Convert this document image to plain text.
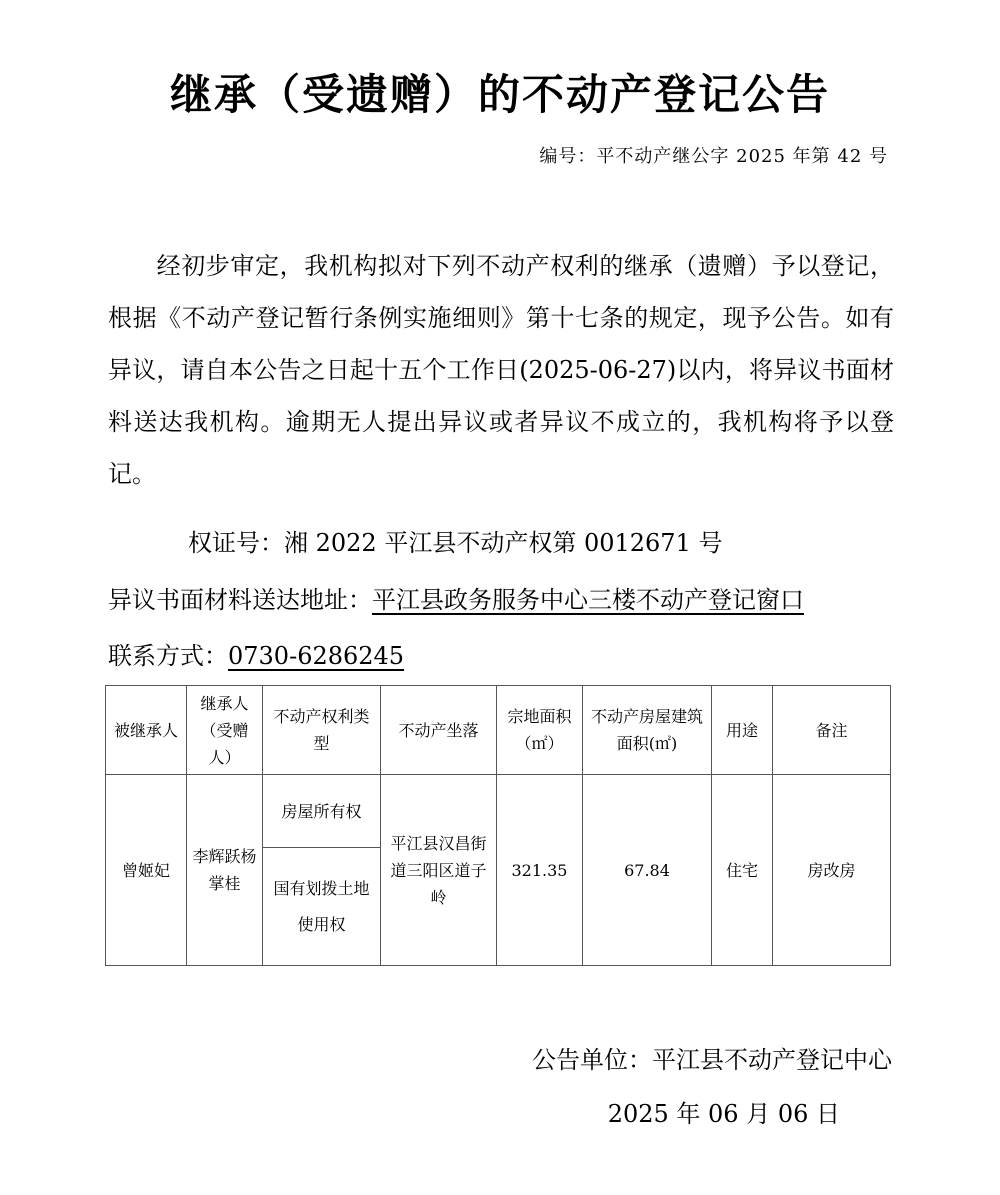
继承（受遗赠）的不动产登记公告
编号：平不动产继公字 2025 年第 42 号

经初步审定，我机构拟对下列不动产权利的继承（遗赠）予以登记，根据《不动产登记暂行条例实施细则》第十七条的规定，现予公告。如有异议，请自本公告之日起十五个工作日(2025-06-27)以内，将异议书面材料送达我机构。逾期无人提出异议或者异议不成立的，我机构将予以登记。

权证号：湘 2022 平江县不动产权第 0012671 号
异议书面材料送达地址：平江县政务服务中心三楼不动产登记窗口
联系方式：0730-6286245
被继承人	继承人（受赠人）	不动产权利类　型	不动产坐落	宗地面积（㎡）	不动产房屋建筑面积(㎡)	用途	备注
曾姬妃	李辉跃杨掌桂	房屋所有权	平江县汉昌街道三阳区道子岭	321.35	67.84	住宅	房改房
		国有划拨土地使用权					
公告单位：平江县不动产登记中心
2025 年 06 月 06 日
